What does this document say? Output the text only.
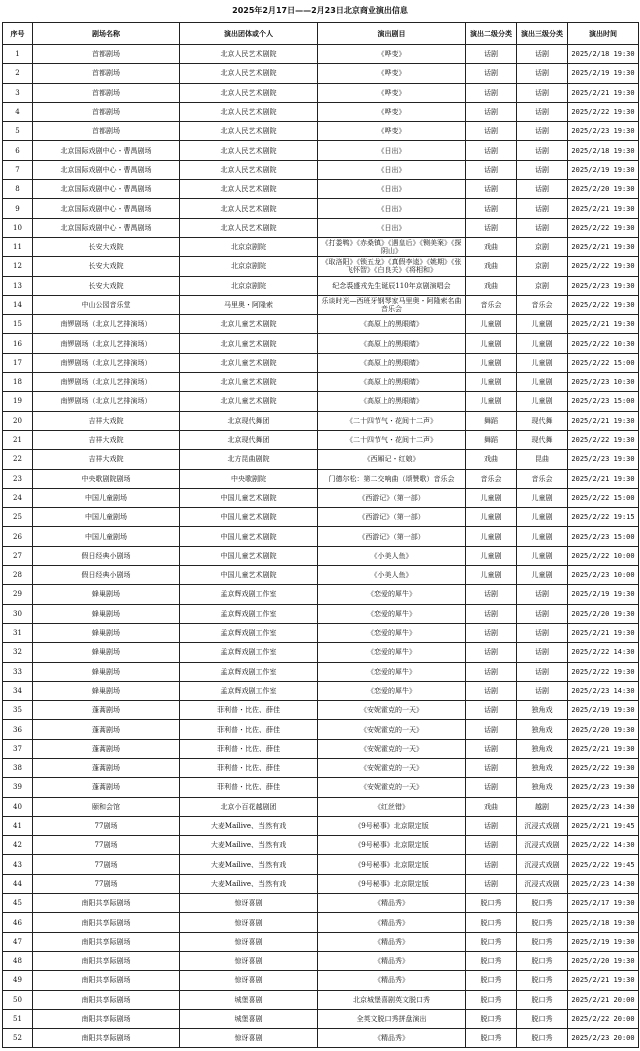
2025年2月17日——2月23日北京商业演出信息
序号	剧场名称	演出团体或个人	演出剧目	演出二级分类	演出三级分类	演出时间
1	首都剧场	北京人民艺术剧院	《哗变》	话剧	话剧	2025/2/18 19:30
2	首都剧场	北京人民艺术剧院	《哗变》	话剧	话剧	2025/2/19 19:30
3	首都剧场	北京人民艺术剧院	《哗变》	话剧	话剧	2025/2/21 19:30
4	首都剧场	北京人民艺术剧院	《哗变》	话剧	话剧	2025/2/22 19:30
5	首都剧场	北京人民艺术剧院	《哗变》	话剧	话剧	2025/2/23 19:30
6	北京国际戏剧中心・曹禺剧场	北京人民艺术剧院	《日出》	话剧	话剧	2025/2/18 19:30
7	北京国际戏剧中心・曹禺剧场	北京人民艺术剧院	《日出》	话剧	话剧	2025/2/19 19:30
8	北京国际戏剧中心・曹禺剧场	北京人民艺术剧院	《日出》	话剧	话剧	2025/2/20 19:30
9	北京国际戏剧中心・曹禺剧场	北京人民艺术剧院	《日出》	话剧	话剧	2025/2/21 19:30
10	北京国际戏剧中心・曹禺剧场	北京人民艺术剧院	《日出》	话剧	话剧	2025/2/22 19:30
11	长安大戏院	北京京剧院	《打娄鸭》《赤桑镇》《遇皇后》《铡美案》《探阴山》	戏曲	京剧	2025/2/21 19:30
12	长安大戏院	北京京剧院	《取洛阳》《锁五龙》《真假李逵》《姚期》《张飞怀智》《白良关》《将相和》	戏曲	京剧	2025/2/22 19:30
13	长安大戏院	北京京剧院	纪念裘盛戎先生诞辰110年京剧演唱会	戏曲	京剧	2025/2/23 19:30
14	中山公园音乐堂	马里奥・阿隆索	乐谈时光—西班牙钢琴家马里奥・阿隆索名曲音乐会	音乐会	音乐会	2025/2/22 19:30
15	南锣剧场（北京儿艺排演场）	北京儿童艺术剧院	《高原上的黑眼睛》	儿童剧	儿童剧	2025/2/21 19:30
16	南锣剧场（北京儿艺排演场）	北京儿童艺术剧院	《高原上的黑眼睛》	儿童剧	儿童剧	2025/2/22 10:30
17	南锣剧场（北京儿艺排演场）	北京儿童艺术剧院	《高原上的黑眼睛》	儿童剧	儿童剧	2025/2/22 15:00
18	南锣剧场（北京儿艺排演场）	北京儿童艺术剧院	《高原上的黑眼睛》	儿童剧	儿童剧	2025/2/23 10:30
19	南锣剧场（北京儿艺排演场）	北京儿童艺术剧院	《高原上的黑眼睛》	儿童剧	儿童剧	2025/2/23 15:00
20	吉祥大戏院	北京现代舞团	《二十四节气・花间十二声》	舞蹈	现代舞	2025/2/21 19:30
21	吉祥大戏院	北京现代舞团	《二十四节气・花间十二声》	舞蹈	现代舞	2025/2/22 19:30
22	吉祥大戏院	北方昆曲剧院	《西厢记・红娘》	戏曲	昆曲	2025/2/23 19:30
23	中央歌剧院剧场	中央歌剧院	门德尔松：第二交响曲（颂赞歌）音乐会	音乐会	音乐会	2025/2/21 19:30
24	中国儿童剧场	中国儿童艺术剧院	《西游记》（第一部）	儿童剧	儿童剧	2025/2/22 15:00
25	中国儿童剧场	中国儿童艺术剧院	《西游记》（第一部）	儿童剧	儿童剧	2025/2/22 19:15
26	中国儿童剧场	中国儿童艺术剧院	《西游记》（第一部）	儿童剧	儿童剧	2025/2/23 15:00
27	假日经典小剧场	中国儿童艺术剧院	《小美人鱼》	儿童剧	儿童剧	2025/2/22 10:00
28	假日经典小剧场	中国儿童艺术剧院	《小美人鱼》	儿童剧	儿童剧	2025/2/23 10:00
29	蜂巢剧场	孟京辉戏剧工作室	《恋爱的犀牛》	话剧	话剧	2025/2/19 19:30
30	蜂巢剧场	孟京辉戏剧工作室	《恋爱的犀牛》	话剧	话剧	2025/2/20 19:30
31	蜂巢剧场	孟京辉戏剧工作室	《恋爱的犀牛》	话剧	话剧	2025/2/21 19:30
32	蜂巢剧场	孟京辉戏剧工作室	《恋爱的犀牛》	话剧	话剧	2025/2/22 14:30
33	蜂巢剧场	孟京辉戏剧工作室	《恋爱的犀牛》	话剧	话剧	2025/2/22 19:30
34	蜂巢剧场	孟京辉戏剧工作室	《恋爱的犀牛》	话剧	话剧	2025/2/23 14:30
35	蓬蒿剧场	菲利普・比佐、薛佳	《安妮霍克的一天》	话剧	独角戏	2025/2/19 19:30
36	蓬蒿剧场	菲利普・比佐、薛佳	《安妮霍克的一天》	话剧	独角戏	2025/2/20 19:30
37	蓬蒿剧场	菲利普・比佐、薛佳	《安妮霍克的一天》	话剧	独角戏	2025/2/21 19:30
38	蓬蒿剧场	菲利普・比佐、薛佳	《安妮霍克的一天》	话剧	独角戏	2025/2/22 19:30
39	蓬蒿剧场	菲利普・比佐、薛佳	《安妮霍克的一天》	话剧	独角戏	2025/2/23 19:30
40	颐和会馆	北京小百花越剧团	《红丝错》	戏曲	越剧	2025/2/23 14:30
41	77剧场	大麦Maílive、当然有戏	《9号秘事》北京限定版	话剧	沉浸式戏剧	2025/2/21 19:45
42	77剧场	大麦Maílive、当然有戏	《9号秘事》北京限定版	话剧	沉浸式戏剧	2025/2/22 14:30
43	77剧场	大麦Maílive、当然有戏	《9号秘事》北京限定版	话剧	沉浸式戏剧	2025/2/22 19:45
44	77剧场	大麦Maílive、当然有戏	《9号秘事》北京限定版	话剧	沉浸式戏剧	2025/2/23 14:30
45	南阳共享际剧场	惊讶喜剧	《精品秀》	脱口秀	脱口秀	2025/2/17 19:30
46	南阳共享际剧场	惊讶喜剧	《精品秀》	脱口秀	脱口秀	2025/2/18 19:30
47	南阳共享际剧场	惊讶喜剧	《精品秀》	脱口秀	脱口秀	2025/2/19 19:30
48	南阳共享际剧场	惊讶喜剧	《精品秀》	脱口秀	脱口秀	2025/2/20 19:30
49	南阳共享际剧场	惊讶喜剧	《精品秀》	脱口秀	脱口秀	2025/2/21 19:30
50	南阳共享际剧场	城堡喜剧	北京城堡喜剧英文脱口秀	脱口秀	脱口秀	2025/2/21 20:00
51	南阳共享际剧场	城堡喜剧	全英文脱口秀拼盘演出	脱口秀	脱口秀	2025/2/22 20:00
52	南阳共享际剧场	惊讶喜剧	《精品秀》	脱口秀	脱口秀	2025/2/23 20:00
